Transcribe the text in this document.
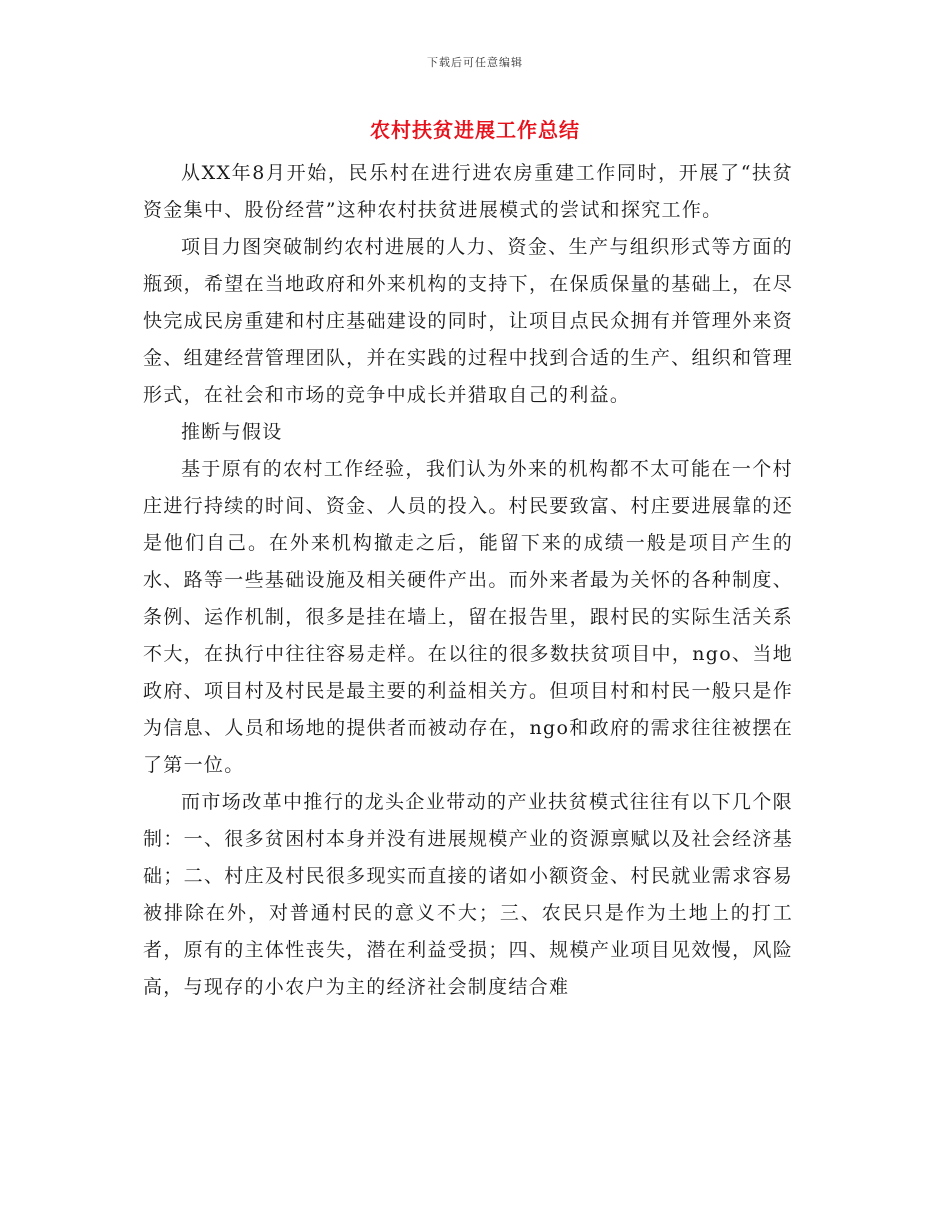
下载后可任意编辑
农村扶贫进展工作总结

从XX年8月开始，民乐村在进行进农房重建工作同时，开展了“扶贫资金集中、股份经营”这种农村扶贫进展模式的尝试和探究工作。

项目力图突破制约农村进展的人力、资金、生产与组织形式等方面的瓶颈，希望在当地政府和外来机构的支持下，在保质保量的基础上，在尽快完成民房重建和村庄基础建设的同时，让项目点民众拥有并管理外来资金、组建经营管理团队，并在实践的过程中找到合适的生产、组织和管理形式，在社会和市场的竞争中成长并猎取自己的利益。

推断与假设

基于原有的农村工作经验，我们认为外来的机构都不太可能在一个村庄进行持续的时间、资金、人员的投入。村民要致富、村庄要进展靠的还是他们自己。在外来机构撤走之后，能留下来的成绩一般是项目产生的水、路等一些基础设施及相关硬件产出。而外来者最为关怀的各种制度、条例、运作机制，很多是挂在墙上，留在报告里，跟村民的实际生活关系不大，在执行中往往容易走样。在以往的很多数扶贫项目中，ngo、当地政府、项目村及村民是最主要的利益相关方。但项目村和村民一般只是作为信息、人员和场地的提供者而被动存在，ngo和政府的需求往往被摆在了第一位。

而市场改革中推行的龙头企业带动的产业扶贫模式往往有以下几个限制：一、很多贫困村本身并没有进展规模产业的资源禀赋以及社会经济基础；二、村庄及村民很多现实而直接的诸如小额资金、村民就业需求容易被排除在外，对普通村民的意义不大；三、农民只是作为土地上的打工者，原有的主体性丧失，潜在利益受损；四、规模产业项目见效慢，风险高，与现存的小农户为主的经济社会制度结合难
